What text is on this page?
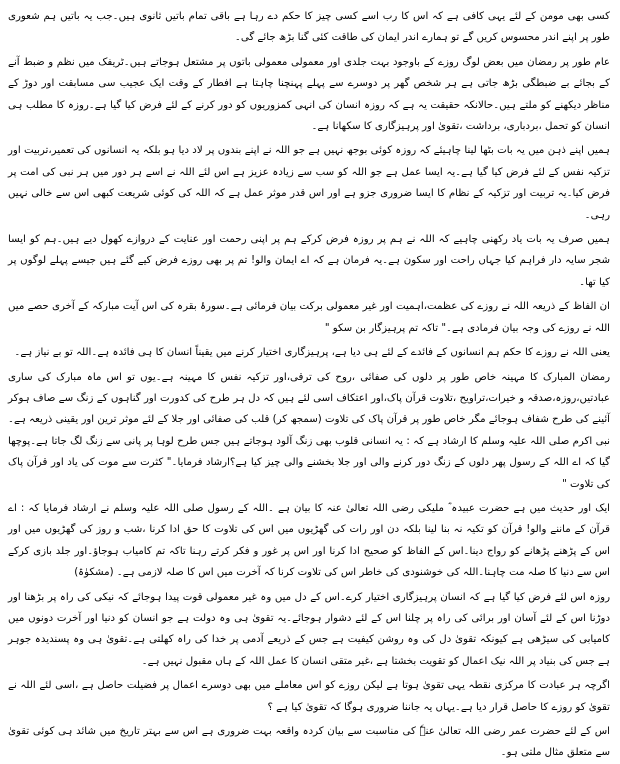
کسی بھی مومن کے لئے یہی کافی ہے کہ اس کا رب اسے کسی چیز کا حکم دے رہا ہے باقی تمام باتیں ثانوی ہیں۔جب یہ باتیں ہم شعوری طور پر اپنے اندر محسوس کریں گے تو ہمارے اندر ایمان کی طاقت کئی گنا بڑھ جائے گی۔

عام طور پر رمضان میں بعض لوگ روزے کے باوجود بہت جلدی اور معمولی معمولی باتوں پر مشتعل ہوجاتے ہیں۔ٹریفک میں نظم و ضبط آنے کے بجائے بے ضبطگی بڑھ جاتی ہے ہر شخص گھر پر دوسرے سے پہلے پہنچنا چاہتا ہے افطار کے وقت ایک عجیب سی مسابقت اور دوڑ کے مناظر دیکھنے کو ملتے ہیں۔حالانکہ حقیقت یہ ہے کہ روزہ انسان کی انہی کمزوریوں کو دور کرنے کے لئے فرض کیا گیا ہے۔روزہ کا مطلب ہی انسان کو تحمل ،بردباری، برداشت ،تقویٰ اور پرہیزگاری کا سکھانا ہے۔

ہمیں اپنے ذہن میں یہ بات بٹھا لینا چاہیئے کہ روزہ کوئی بوجھ نہیں ہے جو اللہ نے اپنے بندوں پر لاد دیا ہو بلکہ یہ انسانوں کی تعمیر،تربیت اور تزکیہ نفس کے لئے فرض کیا گیا ہے۔یہ ایسا عمل ہے جو اللہ کو سب سے زیادہ عزیز ہے اس لئے اللہ نے اسے ہر دور میں ہر نبی کی امت پر فرض کیا۔یہ تربیت اور تزکیہ کے نظام کا ایسا ضروری جزو ہے اور اس قدر موثر عمل ہے کہ اللہ کی کوئی شریعت کبھی اس سے خالی نہیں رہی۔

ہمیں صرف یہ بات یاد رکھنی چاہیے کہ اللہ نے ہم پر روزہ فرض کرکے ہم پر اپنی رحمت اور عنایت کے دروازے کھول دیے ہیں۔ہم کو ایسا شجر سایہ دار فراہم کیا جہاں راحت اور سکون ہے۔یہ فرمان ہے کہ اے ایمان والو! تم پر بھی روزے فرض کیے گئے ہیں جیسے پہلے لوگوں پر کیا تھا۔

ان الفاظ کے ذریعہ اللہ نے روزے کی عظمت،اہمیت اور غیر معمولی برکت بیان فرمائی ہے۔سورۂ بقرہ کی اس آیت مبارکہ کے آخری حصے میں اللہ نے روزے کی وجہ بیان فرمادی ہے۔" تاکہ تم پرہیزگار بن سکو "

یعنی اللہ نے روزے کا حکم ہم انسانوں کے فائدے کے لئے ہی دیا ہے، پرہیزگاری اختیار کرنے میں یقیناً انسان کا ہی فائدہ ہے۔اللہ تو بے نیاز ہے۔

رمضان المبارک کا مہینہ خاص طور پر دلوں کی صفائی ،روح کی ترقی،اور تزکیہ نفس کا مہینہ ہے۔یوں تو اس ماہ مبارک کی ساری عبادتیں،روزہ،صدقہ و خیرات،تراویح ،تلاوت قرآن پاک،اور اعتکاف اسی لئے ہیں کہ دل ہر طرح کی کدورت اور گناہوں کے زنگ سے صاف ہوکر آئینے کی طرح شفاف ہوجائے مگر خاص طور پر قرآن پاک کی تلاوت (سمجھ کر) قلب کی صفائی اور جلا کے لئے موثر ترین اور یقینی ذریعہ ہے۔نبی اکرم صلی اللہ علیہ وسلم کا ارشاد ہے کہ : یہ انسانی قلوب بھی زنگ آلود ہوجاتے ہیں جس طرح لوہا پر پانی سے زنگ لگ جاتا ہے۔پوچھا گیا کہ اے اللہ کے رسول پھر دلوں کے زنگ دور کرنے والی اور جلا بخشنے والی چیز کیا ہے؟ارشاد فرمایا۔" کثرت سے موت کی یاد اور قرآن پاک کی تلاوت "

ایک اور حدیث میں ہے حضرت عبیدہ ؓ ملیکی رضی اللہ تعالیٰ عنہ کا بیان ہے ۔اللہ کے رسول صلی اللہ علیہ وسلم نے ارشاد فرمایا کہ : اے قرآن کے ماننے والو! قرآن کو تکیہ نہ بنا لینا بلکہ دن اور رات کی گھڑیوں میں اس کی تلاوت کا حق ادا کرنا ،شب و روز کی گھڑیوں میں اور اس کے پڑھنے پڑھانے کو رواج دینا۔اس کے الفاظ کو صحیح ادا کرنا اور اس پر غور و فکر کرتے رہنا تاکہ تم کامیاب ہوجاؤ۔اور جلد بازی کرکے اس سے دنیا کا صلہ مت چاہنا۔اللہ کی خوشنودی کی خاطر اس کی تلاوت کرنا کہ آخرت میں اس کا صلہ لازمی ہے۔ (مشکوٰۃ)

روزہ اس لئے فرض کیا گیا ہے کہ انسان پرہیزگاری اختیار کرے۔اس کے دل میں وہ غیر معمولی قوت پیدا ہوجائے کہ نیکی کی راہ پر بڑھنا اور دوڑنا اس کے لئے آسان اور برائی کی راہ پر چلنا اس کے لئے دشوار ہوجائے۔یہ تقویٰ ہی وہ دولت ہے جو انسان کو دنیا اور آخرت دونوں میں کامیابی کی سیڑھی ہے کیونکہ تقویٰ دل کی وہ روشن کیفیت ہے جس کے ذریعے آدمی پر خدا کی راہ کھلتی ہے۔تقویٰ ہی وہ پسندیدہ جوہر ہے جس کی بنیاد پر اللہ نیک اعمال کو تقویت بخشتا ہے ،غیر متقی انسان کا عمل اللہ کے ہاں مقبول نہیں ہے۔

اگرچہ ہر عبادت کا مرکزی نقطہ یہی تقویٰ ہوتا ہے لیکن روزے کو اس معاملے میں بھی دوسرے اعمال پر فضیلت حاصل ہے ،اسی لئے اللہ نے تقویٰ کو روزے کا حاصل قرار دیا ہے۔یہاں یہ جاننا ضروری ہوگا کہ تقویٰ کیا ہے ؟

اس کے لئے حضرت عمر رضی اللہ تعالیٰ عنہٗ کی مناسبت سے بیان کردہ واقعہ بہت ضروری ہے اس سے بہتر تاریخ میں شائد ہی کوئی تقویٰ سے متعلق مثال ملتی ہو۔
